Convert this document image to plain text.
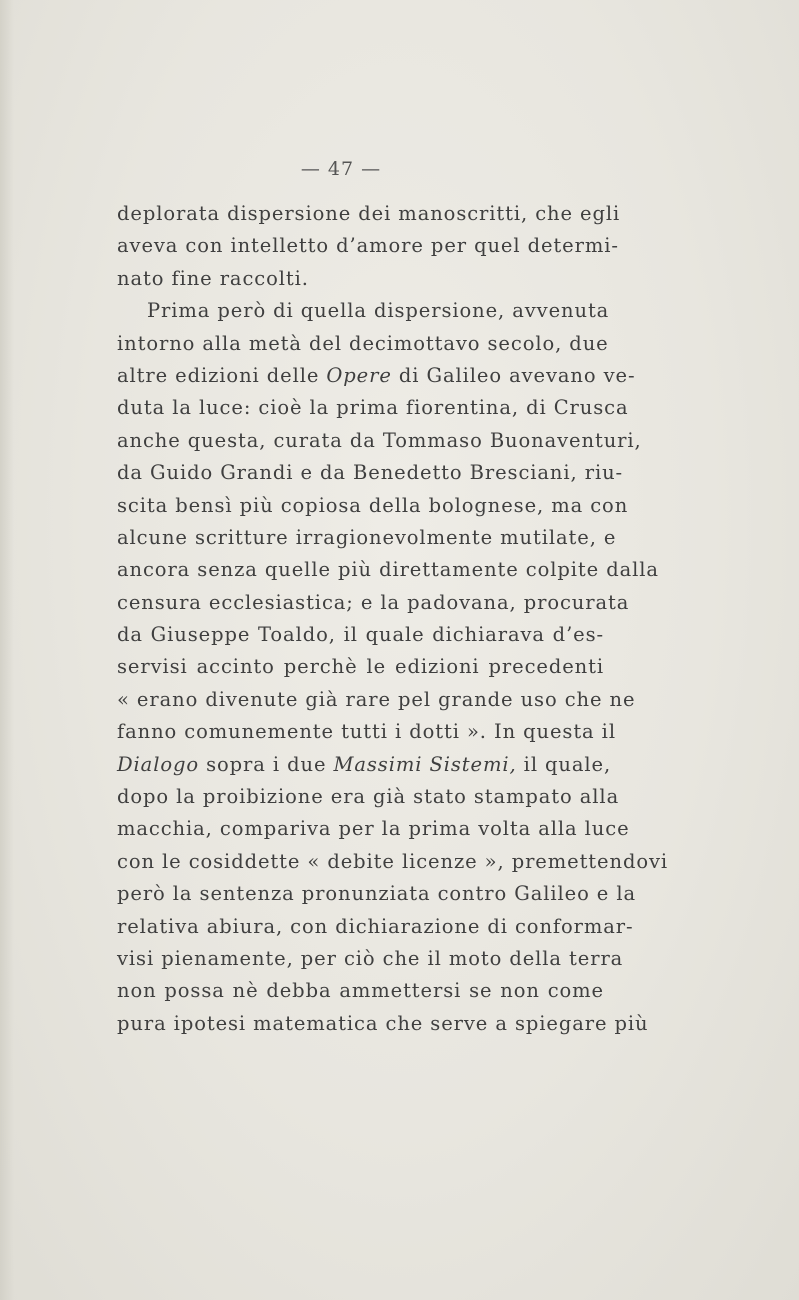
— 47 —
deplorata dispersione dei manoscritti, che egli
aveva con intelletto d’amore per quel determi-
nato fine raccolti.
Prima però di quella dispersione, avvenuta
intorno alla metà del decimottavo secolo, due
altre edizioni delle Opere di Galileo avevano ve-
duta la luce: cioè la prima fiorentina, di Crusca
anche questa, curata da Tommaso Buonaventuri,
da Guido Grandi e da Benedetto Bresciani, riu-
scita bensì più copiosa della bolognese, ma con
alcune scritture irragionevolmente mutilate, e
ancora senza quelle più direttamente colpite dalla
censura ecclesiastica; e la padovana, procurata
da Giuseppe Toaldo, il quale dichiarava d’es-
servisi accinto perchè le edizioni precedenti
« erano divenute già rare pel grande uso che ne
fanno comunemente tutti i dotti ». In questa il
Dialogo sopra i due Massimi Sistemi, il quale,
dopo la proibizione era già stato stampato alla
macchia, compariva per la prima volta alla luce
con le cosiddette « debite licenze », premettendovi
però la sentenza pronunziata contro Galileo e la
relativa abiura, con dichiarazione di conformar-
visi pienamente, per ciò che il moto della terra
non possa nè debba ammettersi se non come
pura ipotesi matematica che serve a spiegare più
